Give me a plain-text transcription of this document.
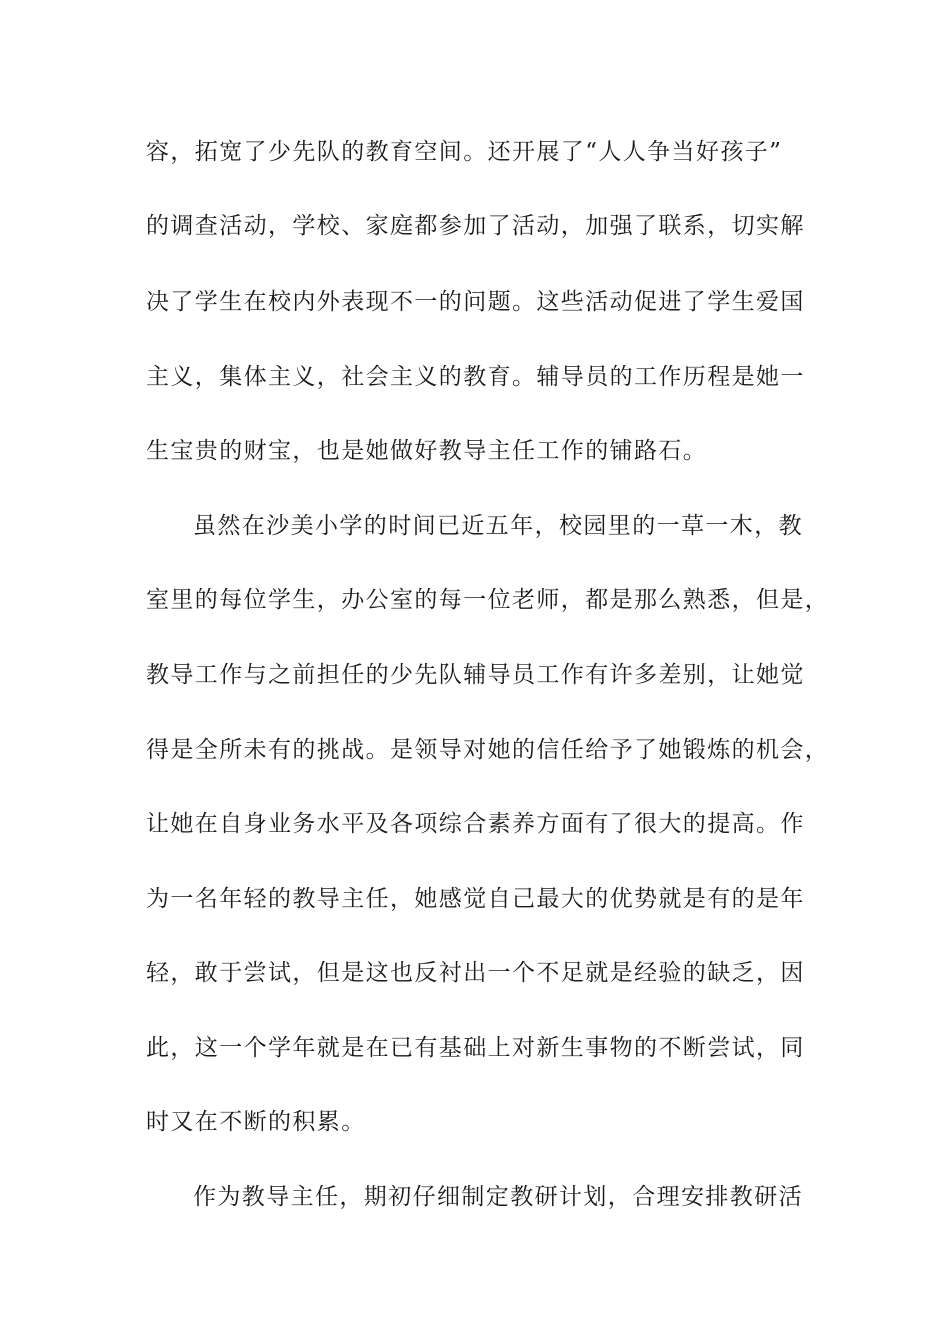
容，拓宽了少先队的教育空间。还开展了“人人争当好孩子”
的调查活动，学校、家庭都参加了活动，加强了联系，切实解
决了学生在校内外表现不一的问题。这些活动促进了学生爱国
主义，集体主义，社会主义的教育。辅导员的工作历程是她一
生宝贵的财宝，也是她做好教导主任工作的铺路石。
虽然在沙美小学的时间已近五年，校园里的一草一木，教
室里的每位学生，办公室的每一位老师，都是那么熟悉，但是，
教导工作与之前担任的少先队辅导员工作有许多差别，让她觉
得是全所未有的挑战。是领导对她的信任给予了她锻炼的机会，
让她在自身业务水平及各项综合素养方面有了很大的提高。作
为一名年轻的教导主任，她感觉自己最大的优势就是有的是年
轻，敢于尝试，但是这也反衬出一个不足就是经验的缺乏，因
此，这一个学年就是在已有基础上对新生事物的不断尝试，同
时又在不断的积累。
作为教导主任，期初仔细制定教研计划，合理安排教研活
